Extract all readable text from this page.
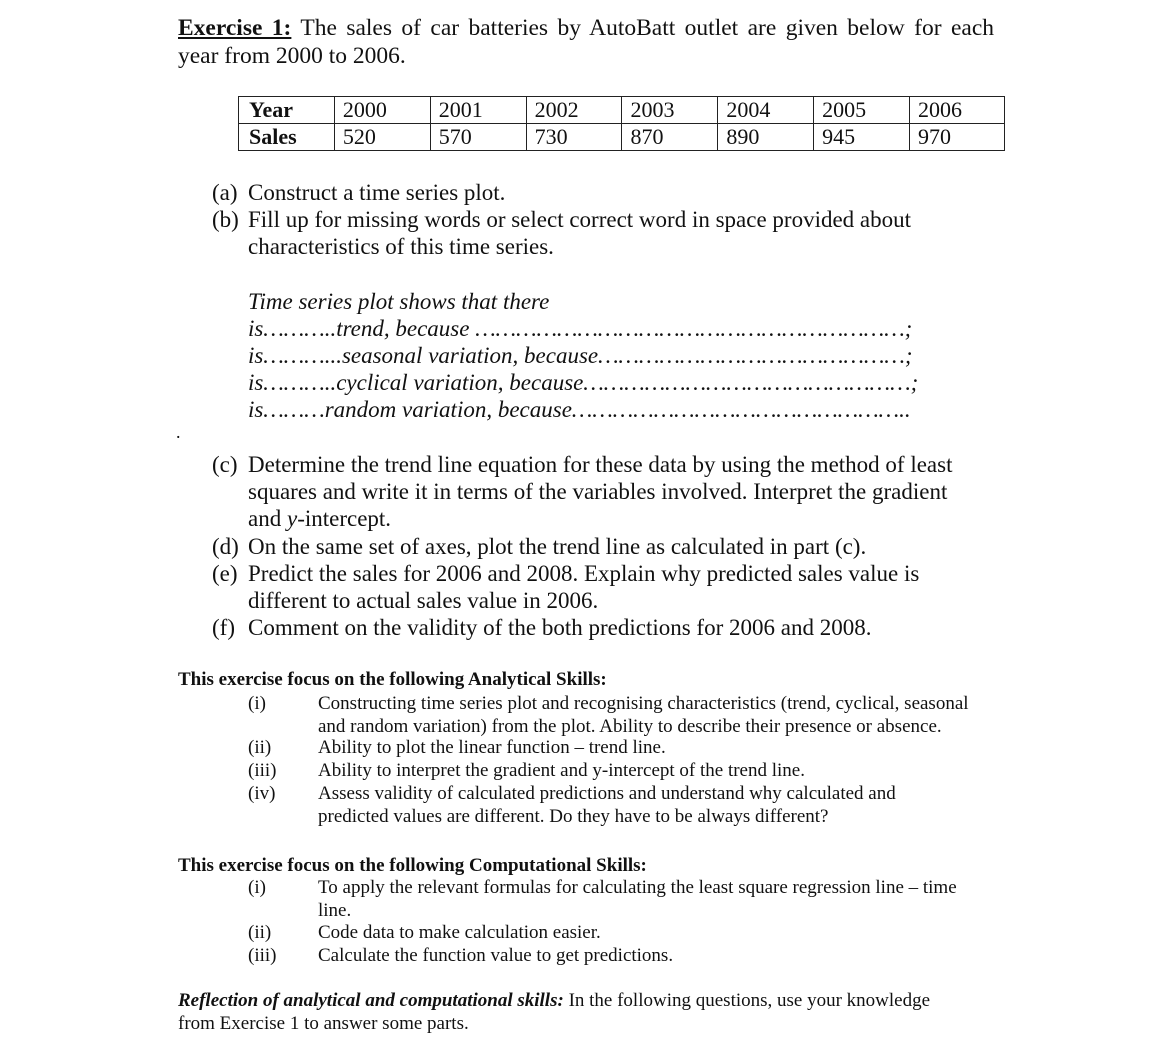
Exercise 1: The sales of car batteries by AutoBatt outlet are given below for each
year from 2000 to 2006.
Year	2000	2001	2002	2003	2004	2005	2006
Sales	520	570	730	870	890	945	970
(a) Construct a time series plot.
(b) Fill up for missing words or select correct word in space provided about
characteristics of this time series.
Time series plot shows that there
is………..trend, because ………………………………………………………;
is………...seasonal variation, because………………………………………;
is………..cyclical variation, because…………………………………………;
is………random variation, because…………………………………………..
.
(c) Determine the trend line equation for these data by using the method of least
squares and write it in terms of the variables involved. Interpret the gradient
and y-intercept.
(d) On the same set of axes, plot the trend line as calculated in part (c).
(e) Predict the sales for 2006 and 2008. Explain why predicted sales value is
different to actual sales value in 2006.
(f) Comment on the validity of the both predictions for 2006 and 2008.
This exercise focus on the following Analytical Skills:
(i)	Constructing time series plot and recognising characteristics (trend, cyclical, seasonal
and random variation) from the plot. Ability to describe their presence or absence.
(ii) Ability to plot the linear function – trend line.
(iii) Ability to interpret the gradient and y-intercept of the trend line.
(iv) Assess validity of calculated predictions and understand why calculated and
predicted values are different. Do they have to be always different?
This exercise focus on the following Computational Skills:
(i)	To apply the relevant formulas for calculating the least square regression line – time
line.
(ii) Code data to make calculation easier.
(iii) Calculate the function value to get predictions.
Reflection of analytical and computational skills: In the following questions, use your knowledge
from Exercise 1 to answer some parts.
